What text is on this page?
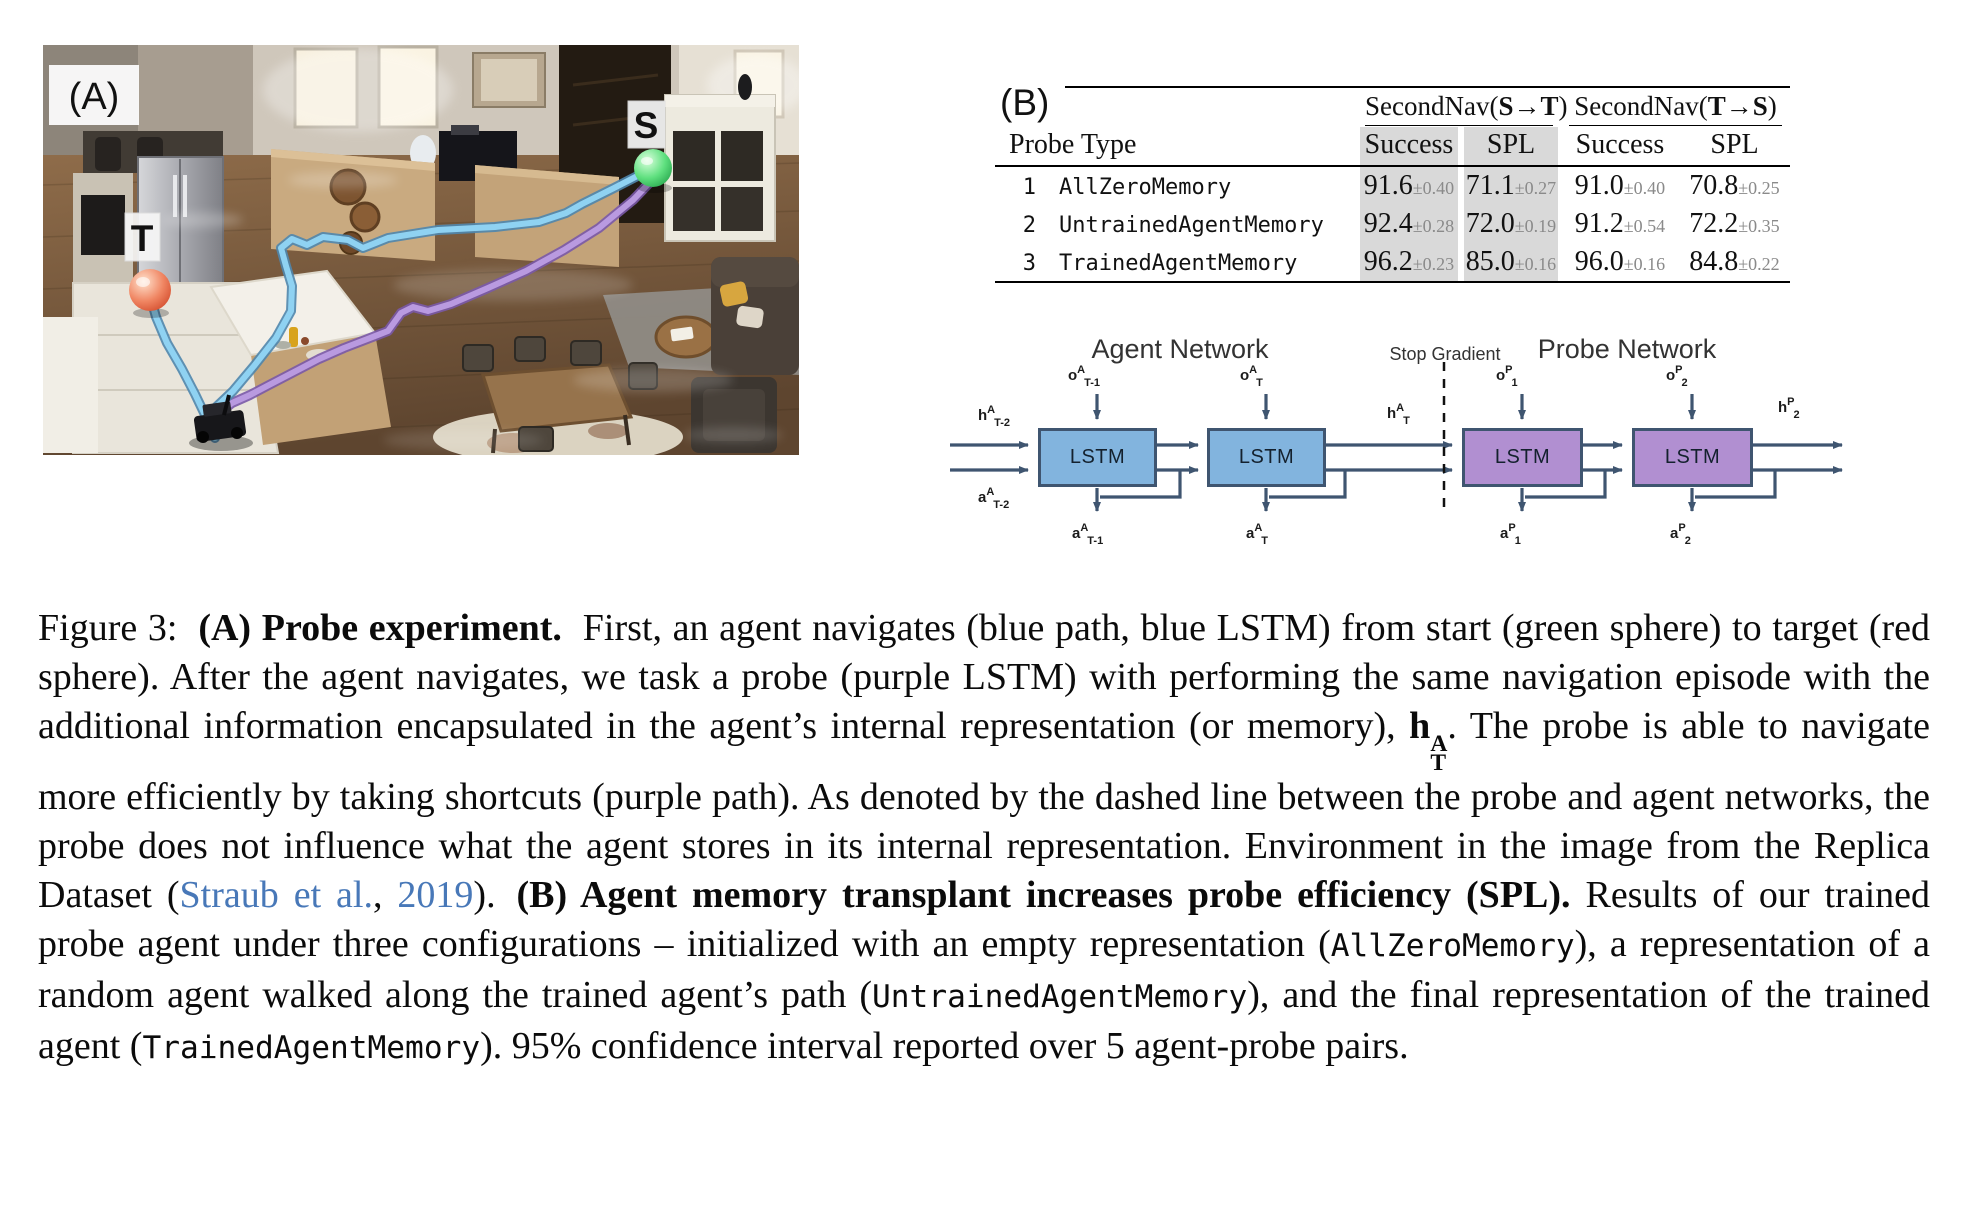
S
T
(A)	(B)	SecondNav(S→T) SecondNav(T→S)
Probe Type	Success	SPL	Success	SPL
1	AllZeroMemory	91.6±0.40 71.1±0.27 91.0±0.40 70.8±0.25
2	UntrainedAgentMemory	92.4±0.28 72.0±0.19 91.2±0.54 72.2±0.35
3	TrainedAgentMemory	96.2±0.23 85.0±0.16 96.0±0.16 84.8±0.22
LSTM	LSTM	LSTM	LSTM
Agent Network	Probe Network
Stop Gradient
$h^A_{T-2}$
$a^A_{T-2}$
$o^A_{T-1}$	$o^A_T$
$a^A_{T-1}$	$a^A_T$
$h^A_T$
$o^P_1$	$o^P_2$
$a^P_1$	$a^P_2$
$h^P_2$
Figure 3: (A) Probe experiment. First, an agent navigates (blue path, blue LSTM) from start (green sphere) to target (red sphere). After the agent navigates, we task a probe (purple LSTM) with performing the same navigation episode with the additional information encapsulated in the agent’s internal representation (or memory), h A
T
. The probe is able to navigate more efficiently by taking shortcuts (purple path). As denoted by the dashed line between the probe and agent networks, the probe does not influence what the agent stores in its internal representation. Environment in the image from the Replica Dataset (Straub et al., 2019). (B) Agent memory transplant increases probe efficiency (SPL). Results of our trained probe agent under three configurations – initialized with an empty representation (AllZeroMemory), a representation of a random agent walked along the trained agent’s path (UntrainedAgentMemory), and the final representation of the trained agent (TrainedAgentMemory). 95% confidence interval reported over 5 agent-probe pairs.
